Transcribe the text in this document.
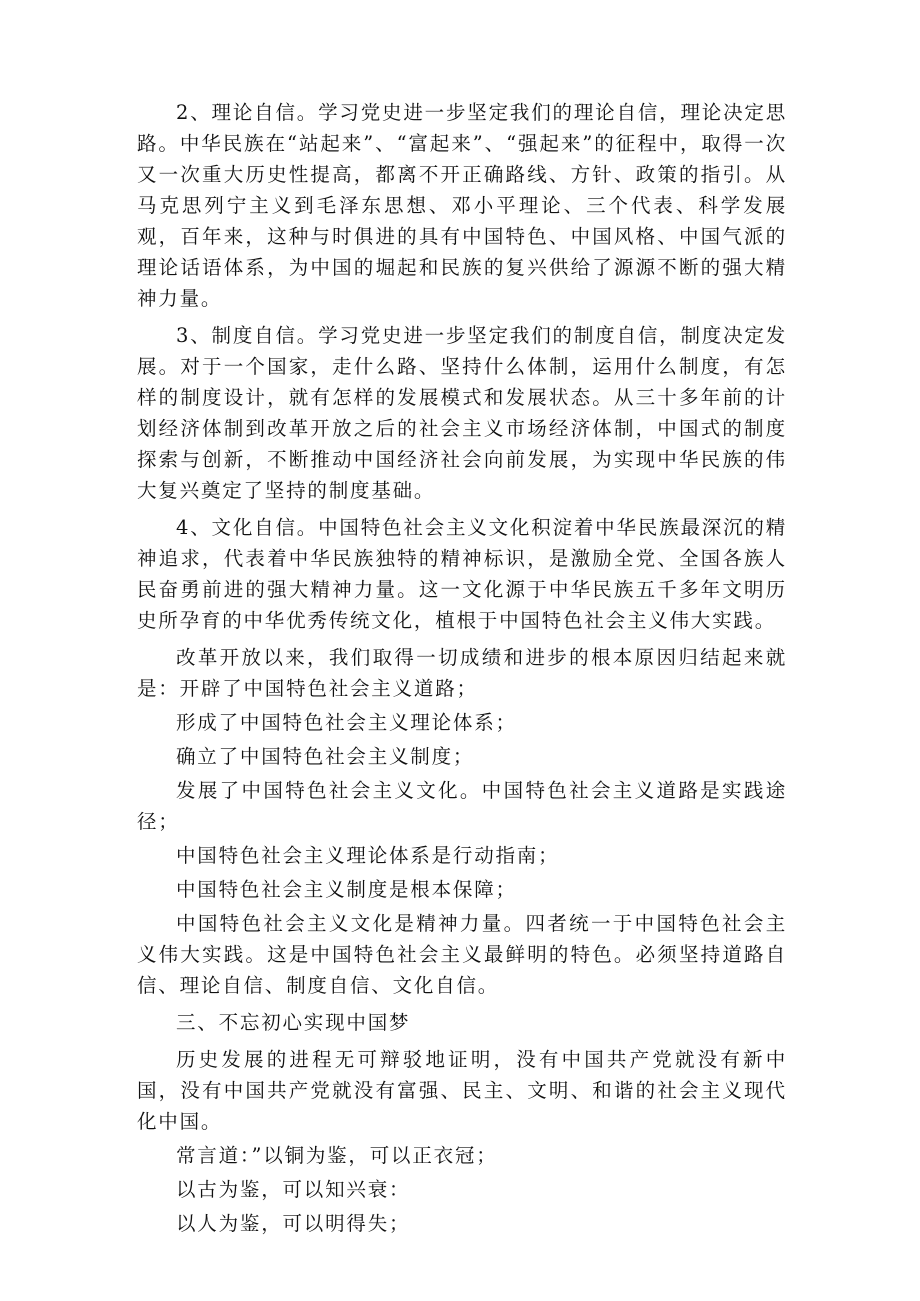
2、理论自信。学习党史进一步坚定我们的理论自信，理论决定思路。中华民族在“站起来”、“富起来”、“强起来”的征程中，取得一次又一次重大历史性提高，都离不开正确路线、方针、政策的指引。从马克思列宁主义到毛泽东思想、邓小平理论、三个代表、科学发展观，百年来，这种与时俱进的具有中国特色、中国风格、中国气派的理论话语体系，为中国的堀起和民族的复兴供给了源源不断的强大精神力量。

3、制度自信。学习党史进一步坚定我们的制度自信，制度决定发展。对于一个国家，走什么路、坚持什么体制，运用什么制度，有怎样的制度设计，就有怎样的发展模式和发展状态。从三十多年前的计划经济体制到改革开放之后的社会主义市场经济体制，中国式的制度探索与创新，不断推动中国经济社会向前发展，为实现中华民族的伟大复兴奠定了坚持的制度基础。

4、文化自信。中国特色社会主义文化积淀着中华民族最深沉的精神追求，代表着中华民族独特的精神标识，是激励全党、全国各族人民奋勇前进的强大精神力量。这一文化源于中华民族五千多年文明历史所孕育的中华优秀传统文化，植根于中国特色社会主义伟大实践。

改革开放以来，我们取得一切成绩和进步的根本原因归结起来就是：开辟了中国特色社会主义道路；

形成了中国特色社会主义理论体系；

确立了中国特色社会主义制度；

发展了中国特色社会主义文化。中国特色社会主义道路是实践途径；

中国特色社会主义理论体系是行动指南；

中国特色社会主义制度是根本保障；

中国特色社会主义文化是精神力量。四者统一于中国特色社会主义伟大实践。这是中国特色社会主义最鲜明的特色。必须坚持道路自信、理论自信、制度自信、文化自信。

三、不忘初心实现中国梦

历史发展的进程无可辩驳地证明，没有中国共产党就没有新中国，没有中国共产党就没有富强、民主、文明、和谐的社会主义现代化中国。

常言道：”以铜为鉴，可以正衣冠；

以古为鉴，可以知兴衰：

以人为鉴，可以明得失；
